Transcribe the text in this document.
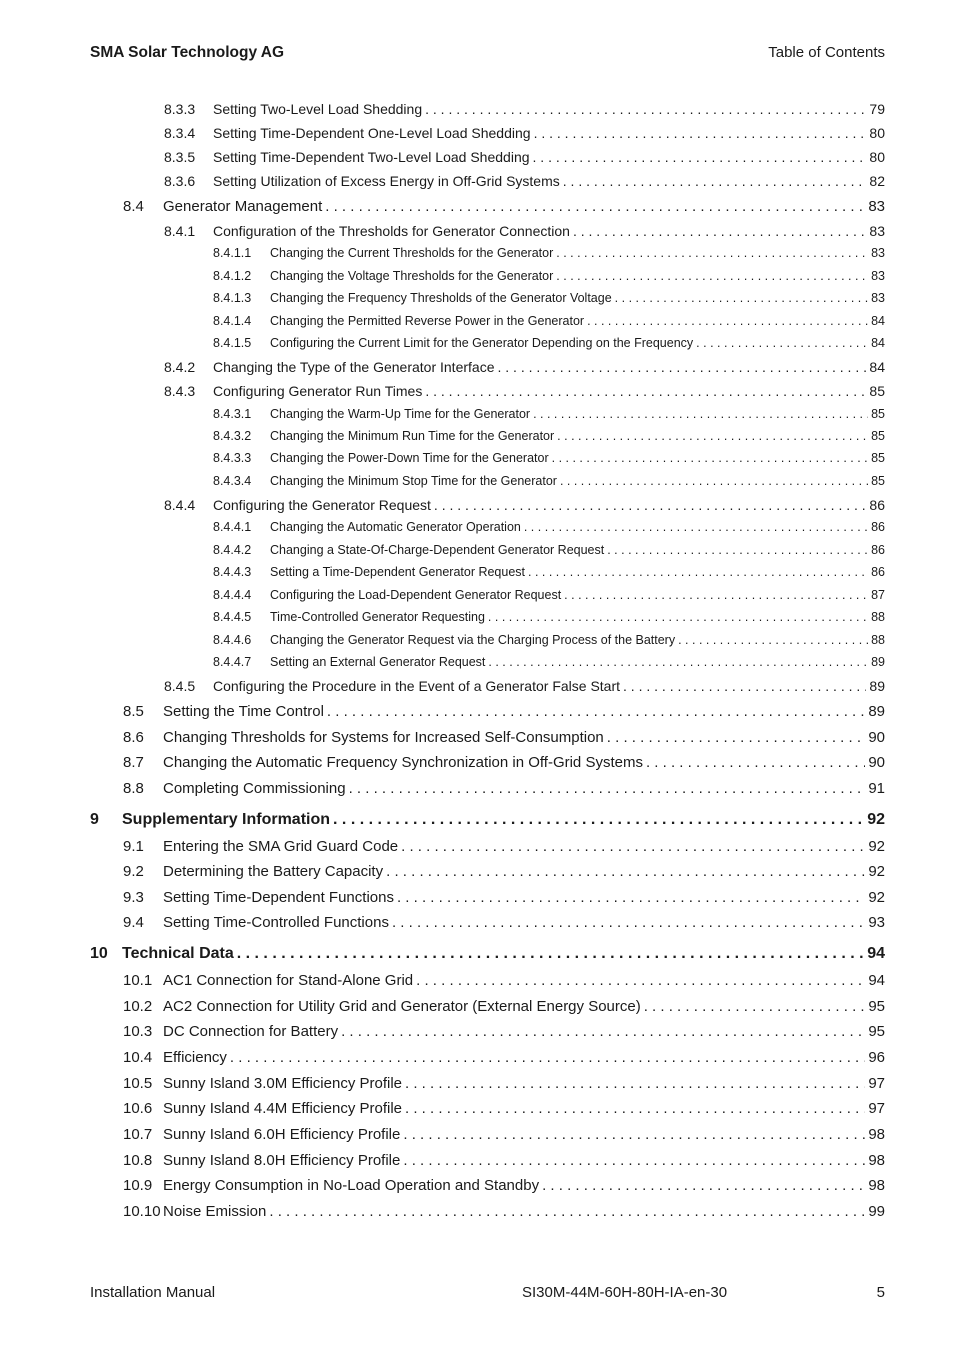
SMA Solar Technology AG	Table of Contents
8.3.3 Setting Two-Level Load Shedding . . .	79
8.3.4 Setting Time-Dependent One-Level Load Shedding . . .	80
8.3.5 Setting Time-Dependent Two-Level Load Shedding . . .	80
8.3.6 Setting Utilization of Excess Energy in Off-Grid Systems . . .	82
8.4 Generator Management . . .	83
8.4.1 Configuration of the Thresholds for Generator Connection . . .	83
8.4.1.1 Changing the Current Thresholds for the Generator . . .	83
8.4.1.2 Changing the Voltage Thresholds for the Generator . . .	83
8.4.1.3 Changing the Frequency Thresholds of the Generator Voltage . . .	83
8.4.1.4 Changing the Permitted Reverse Power in the Generator . . .	84
8.4.1.5 Configuring the Current Limit for the Generator Depending on the Frequency . . .	84
8.4.2 Changing the Type of the Generator Interface . . .	84
8.4.3 Configuring Generator Run Times . . .	85
8.4.3.1 Changing the Warm-Up Time for the Generator . . .	85
8.4.3.2 Changing the Minimum Run Time for the Generator . . .	85
8.4.3.3 Changing the Power-Down Time for the Generator . . .	85
8.4.3.4 Changing the Minimum Stop Time for the Generator . . .	85
8.4.4 Configuring the Generator Request . . .	86
8.4.4.1 Changing the Automatic Generator Operation . . .	86
8.4.4.2 Changing a State-Of-Charge-Dependent Generator Request . . .	86
8.4.4.3 Setting a Time-Dependent Generator Request . . .	86
8.4.4.4 Configuring the Load-Dependent Generator Request . . .	87
8.4.4.5 Time-Controlled Generator Requesting . . .	88
8.4.4.6 Changing the Generator Request via the Charging Process of the Battery . . .	88
8.4.4.7 Setting an External Generator Request . . .	89
8.4.5 Configuring the Procedure in the Event of a Generator False Start . . .	89
8.5 Setting the Time Control . . .	89
8.6 Changing Thresholds for Systems for Increased Self-Consumption . . .	90
8.7 Changing the Automatic Frequency Synchronization in Off-Grid Systems . . .	90
8.8 Completing Commissioning . . .	91
9 Supplementary Information . . .	92
9.1 Entering the SMA Grid Guard Code . . .	92
9.2 Determining the Battery Capacity . . .	92
9.3 Setting Time-Dependent Functions . . .	92
9.4 Setting Time-Controlled Functions . . .	93
10 Technical Data . . .	94
10.1 AC1 Connection for Stand-Alone Grid . . .	94
10.2 AC2 Connection for Utility Grid and Generator (External Energy Source) . . .	95
10.3 DC Connection for Battery . . .	95
10.4 Efficiency . . .	96
10.5 Sunny Island 3.0M Efficiency Profile . . .	97
10.6 Sunny Island 4.4M Efficiency Profile . . .	97
10.7 Sunny Island 6.0H Efficiency Profile . . .	98
10.8 Sunny Island 8.0H Efficiency Profile . . .	98
10.9 Energy Consumption in No-Load Operation and Standby . . .	98
10.10 Noise Emission . . .	99
Installation Manual	SI30M-44M-60H-80H-IA-en-30	5
